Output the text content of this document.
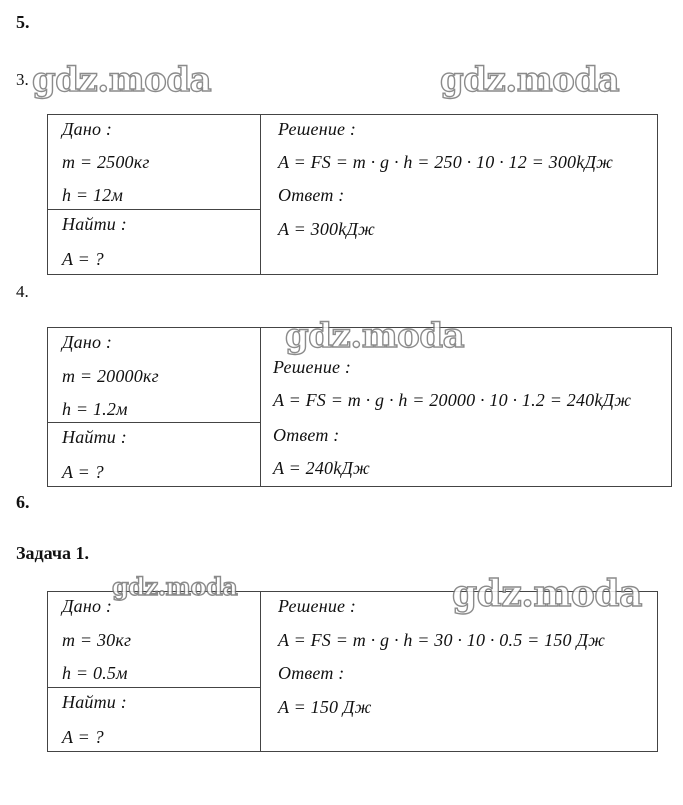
5.
3.
Дано :
m = 2500кг
h = 12м
Найти :
A = ?
Решение :
A = FS = m · g · h = 250 · 10 · 12 = 300kДж
Ответ :
A = 300kДж
4.
Дано :
m = 20000кг
h = 1.2м
Найти :
A = ?
Решение :
A = FS = m · g · h = 20000 · 10 · 1.2 = 240kДж
Ответ :
A = 240kДж
6.
Задача 1.
Дано :
m = 30кг
h = 0.5м
Найти :
A = ?
Решение :
A = FS = m · g · h = 30 · 10 · 0.5 = 150 Дж
Ответ :
A = 150 Дж
gdz.moda	gdz.moda
gdz.moda
gdz.moda	gdz.moda
